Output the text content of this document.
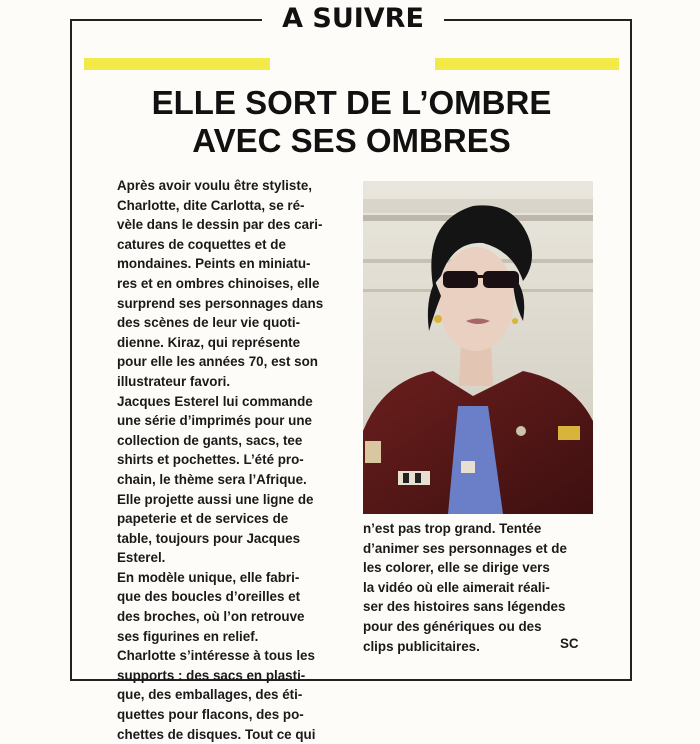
A SUIVRE
ELLE SORT DE L’OMBRE
AVEC SES OMBRES
Après avoir voulu être styliste,
Charlotte, dite Carlotta, se ré-
vèle dans le dessin par des cari-
catures de coquettes et de
mondaines. Peints en miniatu-
res et en ombres chinoises, elle
surprend ses personnages dans
des scènes de leur vie quoti-
dienne. Kiraz, qui représente
pour elle les années 70, est son
illustrateur favori.
Jacques Esterel lui commande
une série d’imprimés pour une
collection de gants, sacs, tee
shirts et pochettes. L’été pro-
chain, le thème sera l’Afrique.
Elle projette aussi une ligne de
papeterie et de services de
table, toujours pour Jacques
Esterel.
En modèle unique, elle fabri-
que des boucles d’oreilles et
des broches, où l’on retrouve
ses figurines en relief.
Charlotte s’intéresse à tous les
supports : des sacs en plasti-
que, des emballages, des éti-
quettes pour flacons, des po-
chettes de disques. Tout ce qui
n’est pas trop grand. Tentée
d’animer ses personnages et de
les colorer, elle se dirige vers
la vidéo où elle aimerait réali-
ser des histoires sans légendes
pour des génériques ou des
clips publicitaires.	SC
